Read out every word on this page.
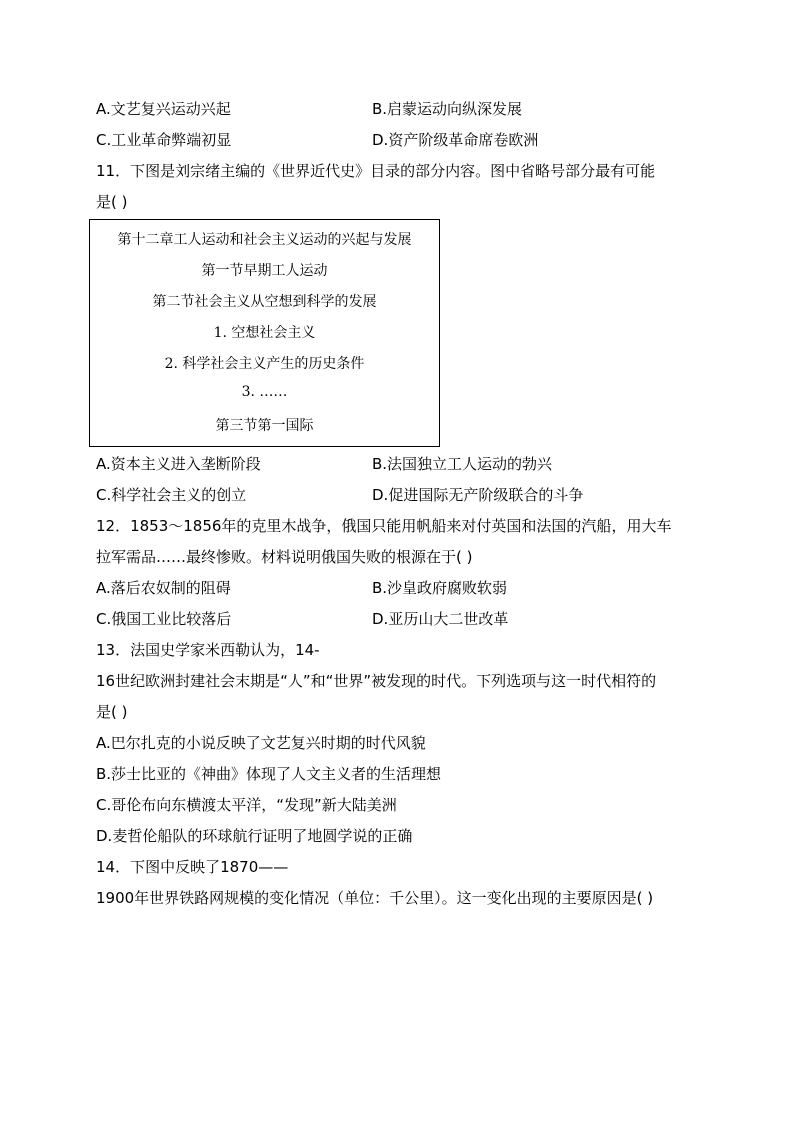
A.文艺复兴运动兴起	B.启蒙运动向纵深发展
C.工业革命弊端初显	D.资产阶级革命席卷欧洲
11．下图是刘宗绪主编的《世界近代史》目录的部分内容。图中省略号部分最有可能
是( )
第十二章工人运动和社会主义运动的兴起与发展
第一节早期工人运动
第二节社会主义从空想到科学的发展
1. 空想社会主义
2. 科学社会主义产生的历史条件
3. ……
第三节第一国际
A.资本主义进入垄断阶段	B.法国独立工人运动的勃兴
C.科学社会主义的创立	D.促进国际无产阶级联合的斗争
12．1853～1856年的克里木战争，俄国只能用帆船来对付英国和法国的汽船，用大车
拉军需品……最终惨败。材料说明俄国失败的根源在于( )
A.落后农奴制的阻碍	B.沙皇政府腐败软弱
C.俄国工业比较落后	D.亚历山大二世改革
13．法国史学家米西勒认为，14-
16世纪欧洲封建社会末期是“人”和“世界”被发现的时代。下列选项与这一时代相符的
是( )
A.巴尔扎克的小说反映了文艺复兴时期的时代风貌
B.莎士比亚的《神曲》体现了人文主义者的生活理想
C.哥伦布向东横渡太平洋，“发现”新大陆美洲
D.麦哲伦船队的环球航行证明了地圆学说的正确
14．下图中反映了1870——
1900年世界铁路网规模的变化情况（单位：千公里）。这一变化出现的主要原因是( )
